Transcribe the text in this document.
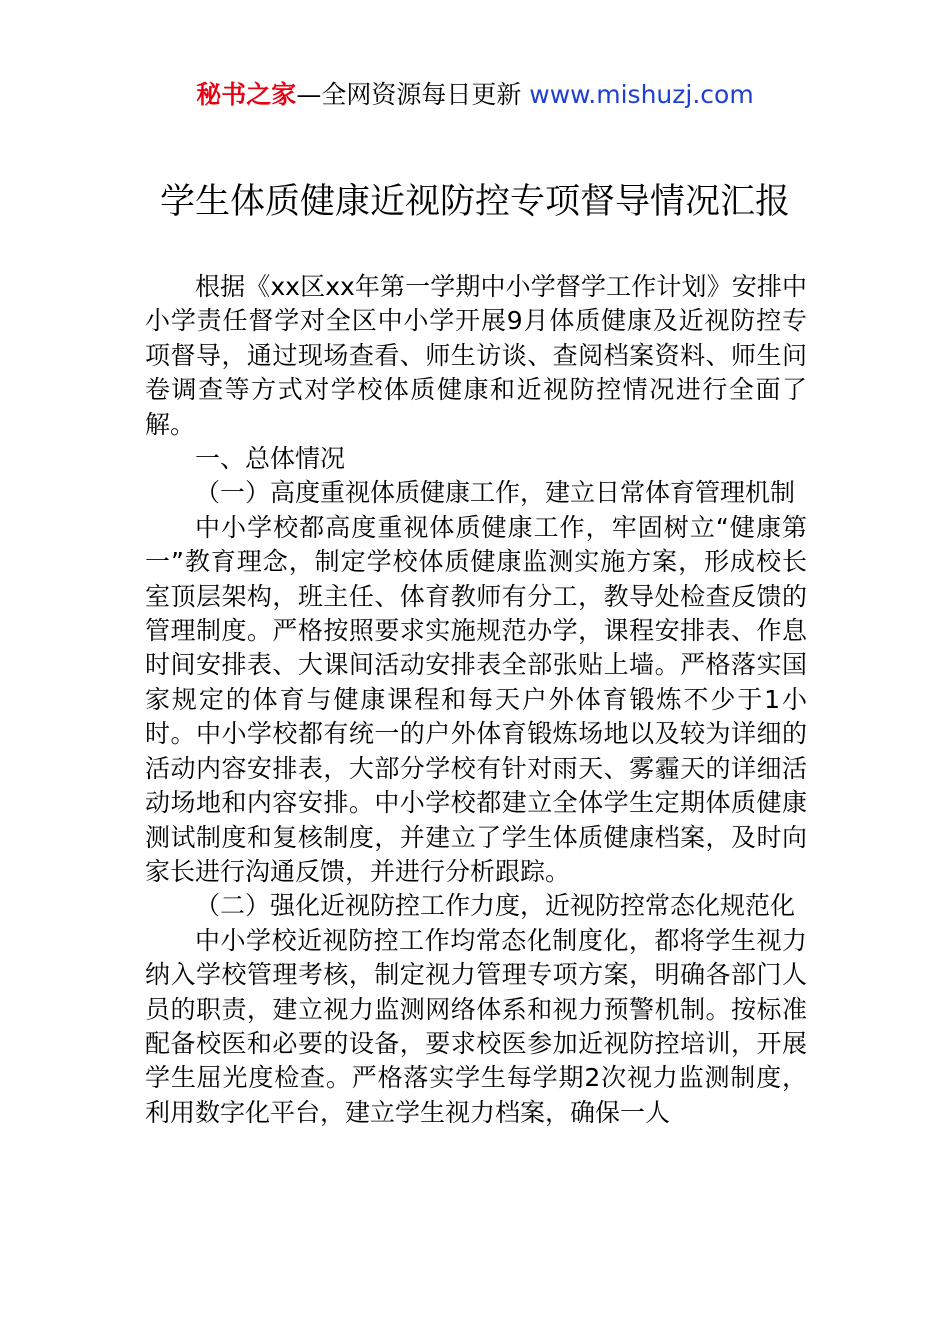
秘书之家—全网资源每日更新 www.mishuzj.com
学生体质健康近视防控专项督导情况汇报

根据《xx区xx年第一学期中小学督学工作计划》安排中小学责任督学对全区中小学开展9月体质健康及近视防控专项督导，通过现场查看、师生访谈、查阅档案资料、师生问卷调查等方式对学校体质健康和近视防控情况进行全面了解。

一、总体情况

（一）高度重视体质健康工作，建立日常体育管理机制

中小学校都高度重视体质健康工作，牢固树立“健康第一”教育理念，制定学校体质健康监测实施方案，形成校长室顶层架构，班主任、体育教师有分工，教导处检查反馈的管理制度。严格按照要求实施规范办学，课程安排表、作息时间安排表、大课间活动安排表全部张贴上墙。严格落实国家规定的体育与健康课程和每天户外体育锻炼不少于1小时。中小学校都有统一的户外体育锻炼场地以及较为详细的活动内容安排表，大部分学校有针对雨天、雾霾天的详细活动场地和内容安排。中小学校都建立全体学生定期体质健康测试制度和复核制度，并建立了学生体质健康档案，及时向家长进行沟通反馈，并进行分析跟踪。

（二）强化近视防控工作力度，近视防控常态化规范化

中小学校近视防控工作均常态化制度化，都将学生视力纳入学校管理考核，制定视力管理专项方案，明确各部门人员的职责，建立视力监测网络体系和视力预警机制。按标准配备校医和必要的设备，要求校医参加近视防控培训，开展学生屈光度检查。严格落实学生每学期2次视力监测制度，利用数字化平台，建立学生视力档案，确保一人
